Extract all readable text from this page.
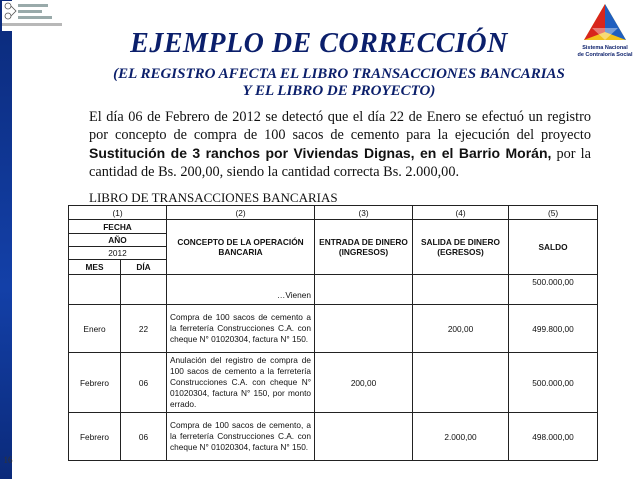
Sistema Nacional
de Contraloría Social
EJEMPLO DE CORRECCIÓN
(EL REGISTRO AFECTA EL LIBRO TRANSACCIONES BANCARIAS
Y EL LIBRO DE PROYECTO)
El día 06 de Febrero de 2012 se detectó que el día 22 de Enero se efectuó un registro por concepto de compra de 100 sacos de cemento para la ejecución del proyecto Sustitución de 3 ranchos por Viviendas Dignas, en el Barrio Morán, por la cantidad de Bs. 200,00, siendo la cantidad correcta Bs. 2.000,00.
LIBRO DE TRANSACCIONES BANCARIAS
(1)		(2)	(3)	(4)	(5)
FECHA		CONCEPTO DE LA OPERACIÓN BANCARIA	ENTRADA DE DINERO (INGRESOS)	SALIDA DE DINERO (EGRESOS)	SALDO
AÑO					
2012					
MES	DÍA				
		…Vienen			500.000,00
Enero	22	Compra de 100 sacos de cemento a la ferretería Construcciones C.A. con cheque N° 01020304, factura N° 150.		200,00	499.800,00
Febrero	06	Anulación del registro de compra de 100 sacos de cemento a la ferretería Construcciones C.A. con cheque N° 01020304, factura N° 150, por monto errado.	200,00		500.000,00
Febrero	06	Compra de 100 sacos de cemento, a la ferretería Construcciones C.A. con cheque N° 01020304, factura N° 150.		2.000,00	498.000,00
16
